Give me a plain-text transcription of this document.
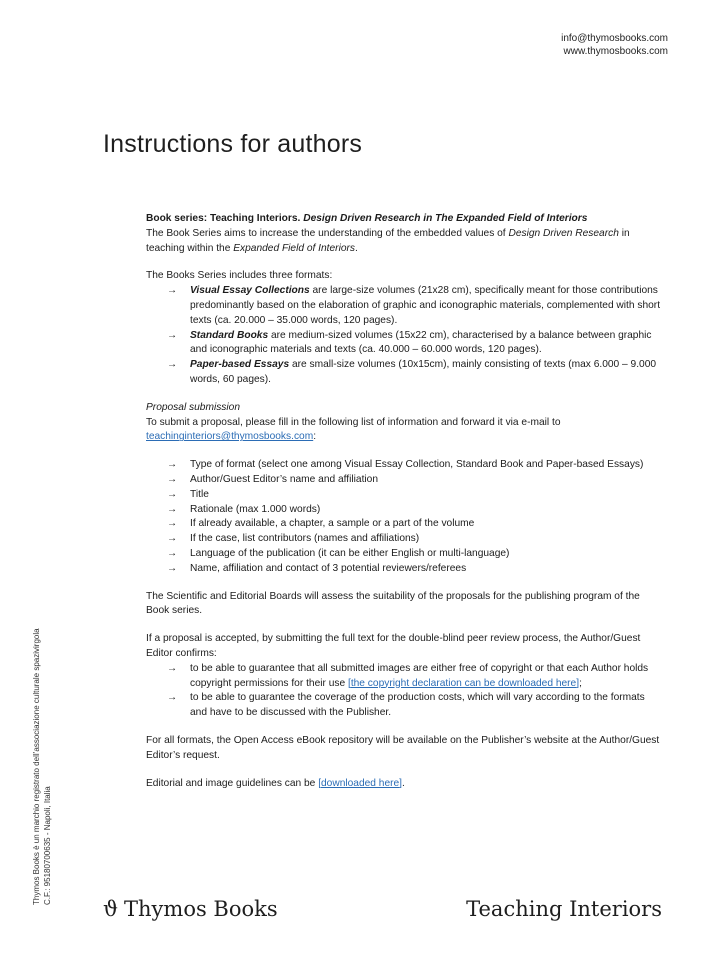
info@thymosbooks.com
www.thymosbooks.com
Instructions for authors

Book series: Teaching Interiors. Design Driven Research in The Expanded Field of Interiors
The Book Series aims to increase the understanding of the embedded values of Design Driven Research in teaching within the Expanded Field of Interiors.

The Books Series includes three formats:

→ Visual Essay Collections are large-size volumes (21x28 cm), specifically meant for those contributions predominantly based on the elaboration of graphic and iconographic materials, complemented with short texts (ca. 20.000 – 35.000 words, 120 pages).
→ Standard Books are medium-sized volumes (15x22 cm), characterised by a balance between graphic and iconographic materials and texts (ca. 40.000 – 60.000 words, 120 pages).
→ Paper-based Essays are small-size volumes (10x15cm), mainly consisting of texts (max 6.000 – 9.000 words, 60 pages).

Proposal submission

To submit a proposal, please fill in the following list of information and forward it via e-mail to teachinginteriors@thymosbooks.com:

→ Type of format (select one among Visual Essay Collection, Standard Book and Paper-based Essays)
→ Author/Guest Editor’s name and affiliation
→ Title
→ Rationale (max 1.000 words)
→ If already available, a chapter, a sample or a part of the volume
→ If the case, list contributors (names and affiliations)
→ Language of the publication (it can be either English or multi-language)
→ Name, affiliation and contact of 3 potential reviewers/referees

The Scientific and Editorial Boards will assess the suitability of the proposals for the publishing program of the Book series.

If a proposal is accepted, by submitting the full text for the double-blind peer review process, the Author/Guest Editor confirms:

→ to be able to guarantee that all submitted images are either free of copyright or that each Author holds copyright permissions for their use [the copyright declaration can be downloaded here];
→ to be able to guarantee the coverage of the production costs, which will vary according to the formats and have to be discussed with the Publisher.

For all formats, the Open Access eBook repository will be available on the Publisher’s website at the Author/Guest Editor’s request.

Editorial and image guidelines can be [downloaded here].

Thymos Books è un marchio registrato dell’associazione culturale spazivirgola C.F.: 95180700635 - Napoli, Italia
ϑ Thymos Books	Teaching Interiors
